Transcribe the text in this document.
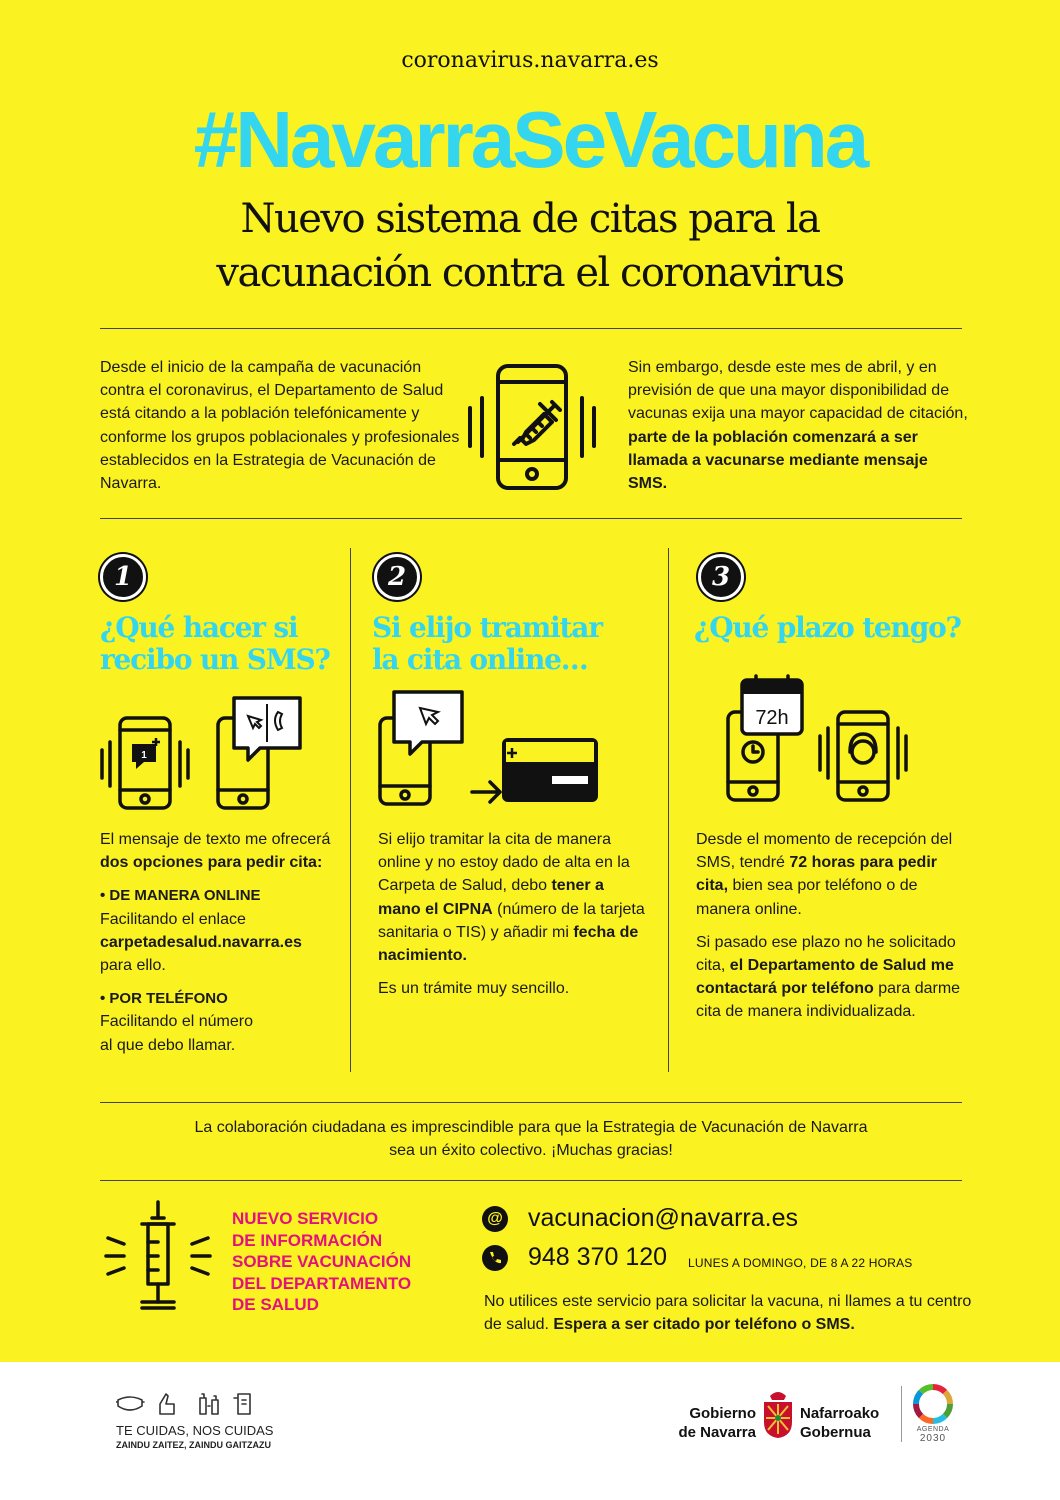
coronavirus.navarra.es
#NavarraSeVacuna
Nuevo sistema de citas para la
vacunación contra el coronavirus
Desde el inicio de la campaña de vacunación contra el coronavirus, el Departamento de Salud está citando a la población telefónicamente y conforme los grupos poblacionales y profesionales establecidos en la Estrategia de Vacunación de Navarra.
Sin embargo, desde este mes de abril, y en previsión de que una mayor disponibilidad de vacunas exija una mayor capacidad de citación, parte de la población comenzará a ser llamada a vacunarse mediante mensaje SMS.
1
¿Qué hacer si
recibo un SMS?
1
El mensaje de texto me ofrecerá dos opciones para pedir cita:
• DE MANERA ONLINE
Facilitando el enlace
carpetadesalud.navarra.es
para ello.
• POR TELÉFONO
Facilitando el número
al que debo llamar.
2
Si elijo tramitar
la cita online…
Si elijo tramitar la cita de manera online y no estoy dado de alta en la Carpeta de Salud, debo tener a mano el CIPNA (número de la tarjeta sanitaria o TIS) y añadir mi fecha de nacimiento.
Es un trámite muy sencillo.
3
¿Qué plazo tengo?
72h
Desde el momento de recepción del SMS, tendré 72 horas para pedir cita, bien sea por teléfono o de manera online.
Si pasado ese plazo no he solicitado cita, el Departamento de Salud me contactará por teléfono para darme cita de manera individualizada.
La colaboración ciudadana es imprescindible para que la Estrategia de Vacunación de Navarra
sea un éxito colectivo. ¡Muchas gracias!
NUEVO SERVICIO
DE INFORMACIÓN
SOBRE VACUNACIÓN
DEL DEPARTAMENTO
DE SALUD
@ vacunacion@navarra.es
948 370 120 LUNES A DOMINGO, DE 8 A 22 HORAS
No utilices este servicio para solicitar la vacuna, ni llames a tu centro de salud. Espera a ser citado por teléfono o SMS.
TE CUIDAS, NOS CUIDAS
ZAINDU ZAITEZ, ZAINDU GAITZAZU
Gobierno
de Navarra
Nafarroako
Gobernua	AGENDA
2030
